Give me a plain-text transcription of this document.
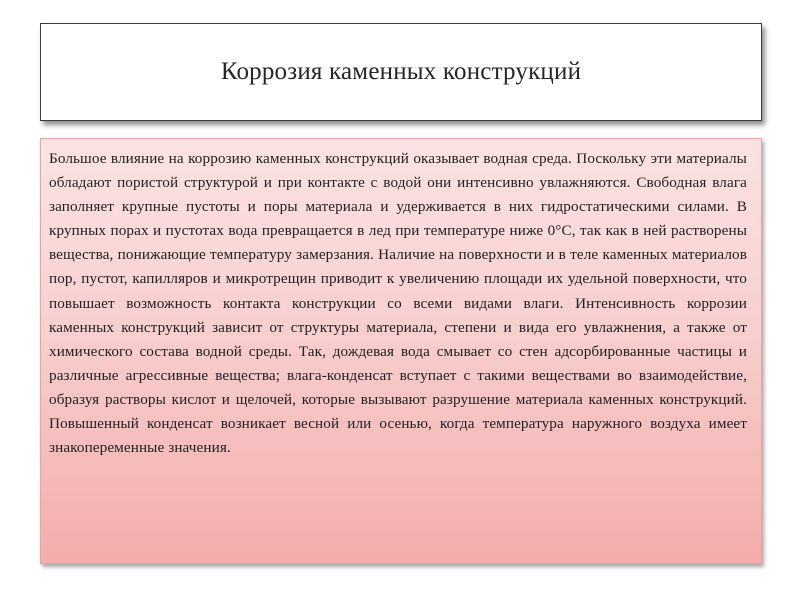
Коррозия каменных конструкций

Большое влияние на коррозию каменных конструкций оказывает водная среда. Поскольку эти материалы обладают пористой структурой и при контакте с водой они интенсивно увлажняются. Свободная влага заполняет крупные пустоты и поры материала и удерживается в них гидростатическими силами. В крупных порах и пустотах вода превращается в лед при температуре ниже 0°С, так как в ней растворены вещества, понижающие температуру замерзания. Наличие на поверхности и в теле каменных материалов пор, пустот, капилляров и микротрещин приводит к увеличению площади их удельной поверхности, что повышает возможность контакта конструкции со всеми видами влаги. Интенсивность коррозии каменных конструкций зависит от структуры материала, степени и вида его увлажнения, а также от химического состава водной среды. Так, дождевая вода смывает со стен адсорбированные частицы и различные агрессивные вещества; влага-конденсат вступает с такими веществами во взаимодействие, образуя растворы кислот и щелочей, которые вызывают разрушение материала каменных конструкций. Повышенный конденсат возникает весной или осенью, когда температура наружного воздуха имеет знакопеременные значения.
